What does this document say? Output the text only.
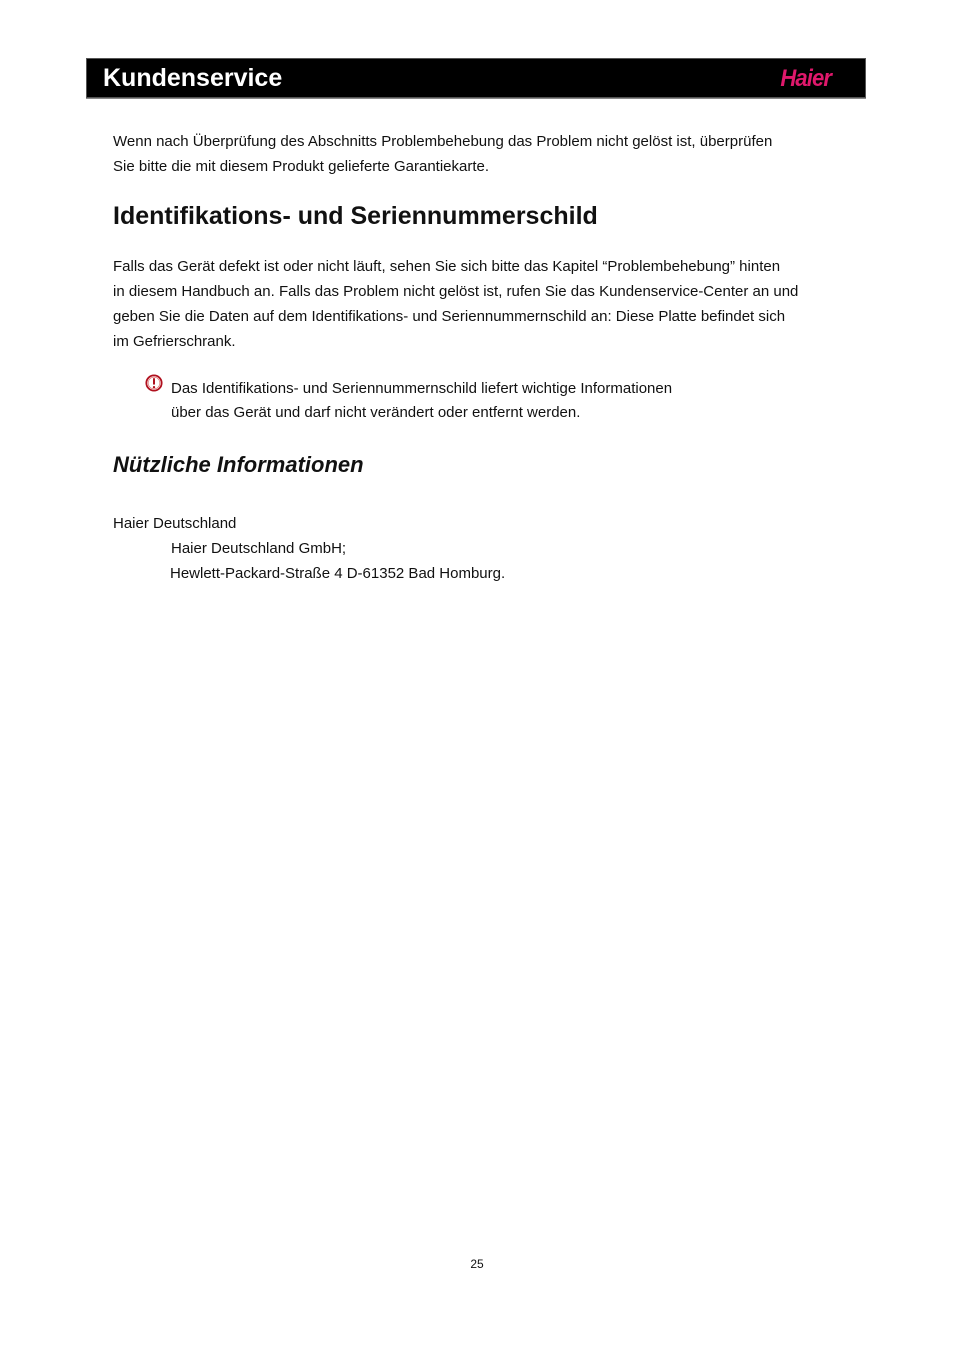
Kundenservice	Haier

Wenn nach Überprüfung des Abschnitts Problembehebung das Problem nicht gelöst ist, überprüfen

Sie bitte die mit diesem Produkt gelieferte Garantiekarte.

Identifikations- und Seriennummerschild

Falls das Gerät defekt ist oder nicht läuft, sehen Sie sich bitte das Kapitel “Problembehebung” hinten

in diesem Handbuch an. Falls das Problem nicht gelöst ist, rufen Sie das Kundenservice-Center an und

geben Sie die Daten auf dem Identifikations- und Seriennummernschild an: Diese Platte befindet sich

im Gefrierschrank.

Das Identifikations- und Seriennummernschild liefert wichtige Informationen

über das Gerät und darf nicht verändert oder entfernt werden.

Nützliche Informationen

Haier Deutschland

Haier Deutschland GmbH;

Hewlett-Packard-Straße 4 D-61352 Bad Homburg.

25
